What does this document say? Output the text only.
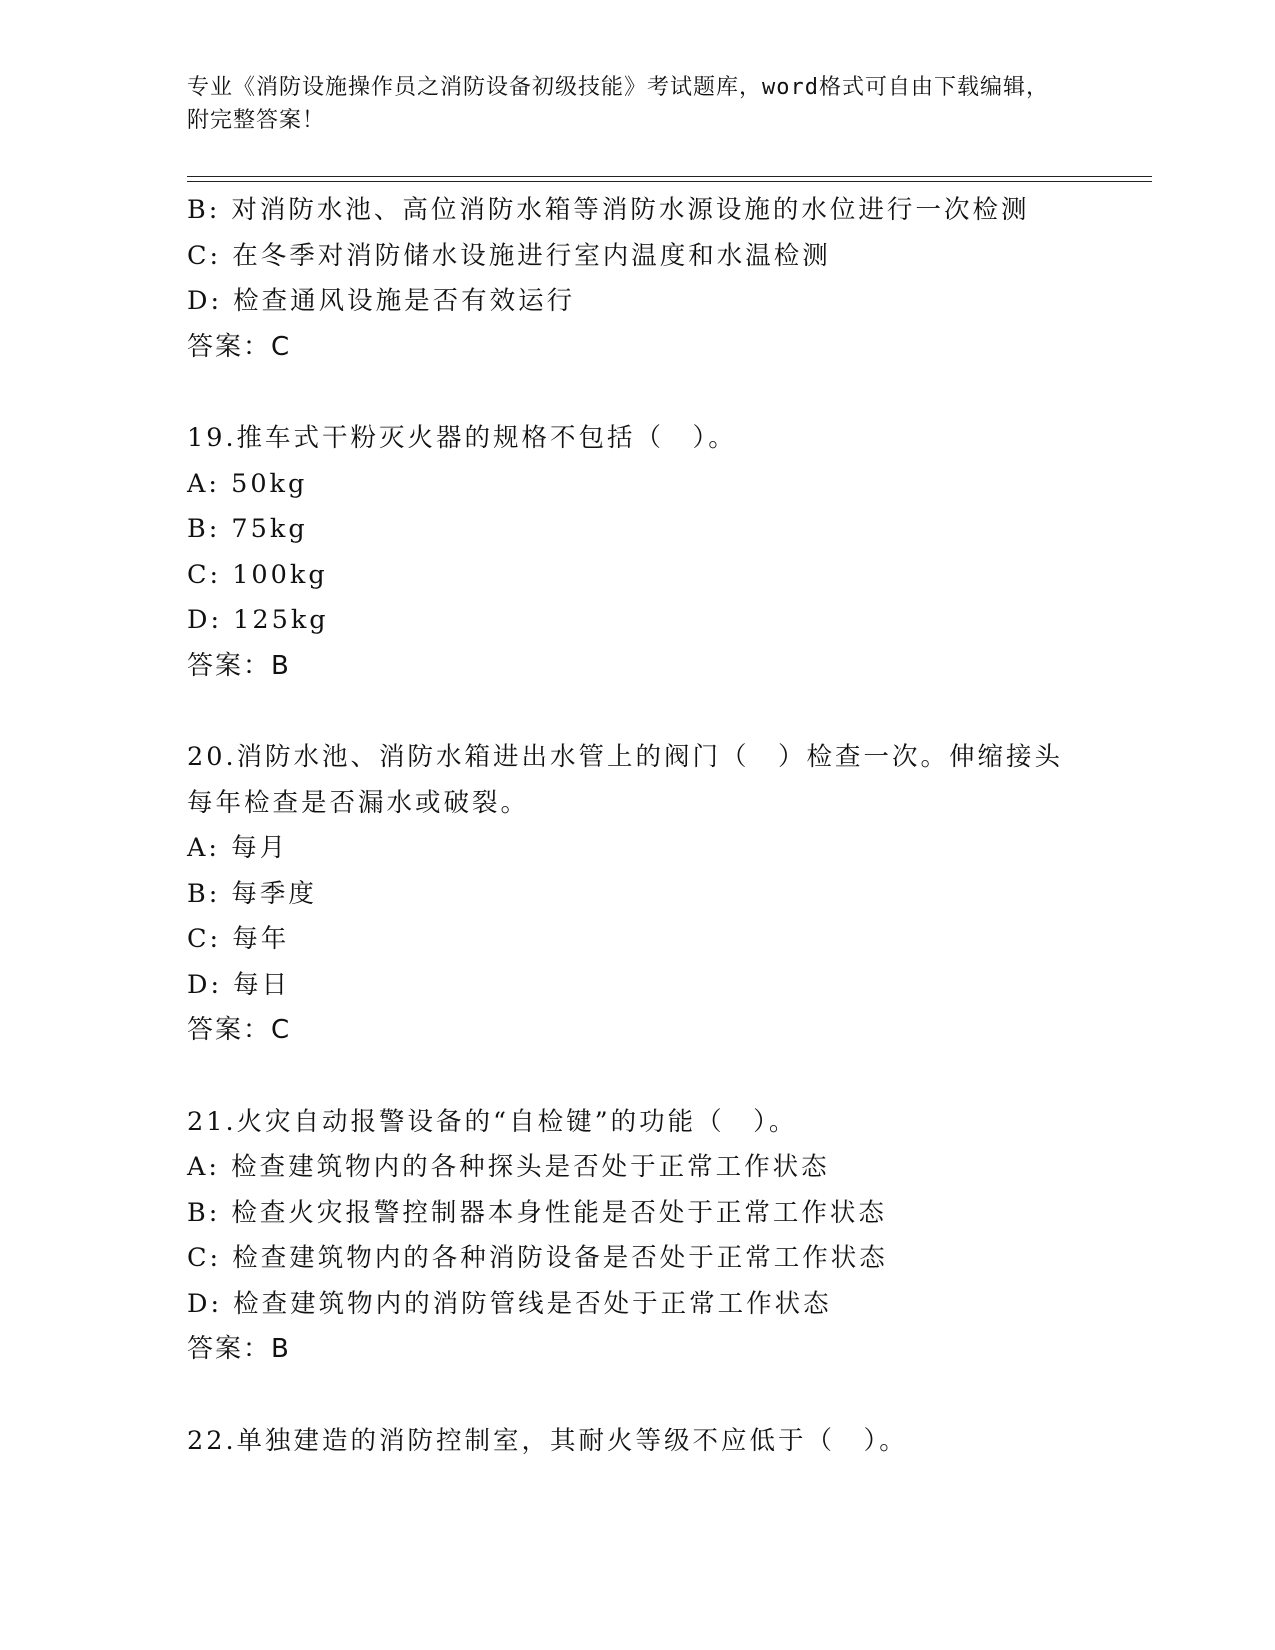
专业《消防设施操作员之消防设备初级技能》考试题库，word格式可自由下载编辑，附完整答案！
B: 对消防水池、高位消防水箱等消防水源设施的水位进行一次检测
C: 在冬季对消防储水设施进行室内温度和水温检测
D: 检查通风设施是否有效运行
答案：C
19.推车式干粉灭火器的规格不包括（　）。
A: 50kg
B: 75kg
C: 100kg
D: 125kg
答案：B
20.消防水池、消防水箱进出水管上的阀门（　）检查一次。伸缩接头每年检查是否漏水或破裂。
A: 每月
B: 每季度
C: 每年
D: 每日
答案：C
21.火灾自动报警设备的“自检键”的功能（　）。
A: 检查建筑物内的各种探头是否处于正常工作状态
B: 检查火灾报警控制器本身性能是否处于正常工作状态
C: 检查建筑物内的各种消防设备是否处于正常工作状态
D: 检查建筑物内的消防管线是否处于正常工作状态
答案：B
22.单独建造的消防控制室，其耐火等级不应低于（　）。
